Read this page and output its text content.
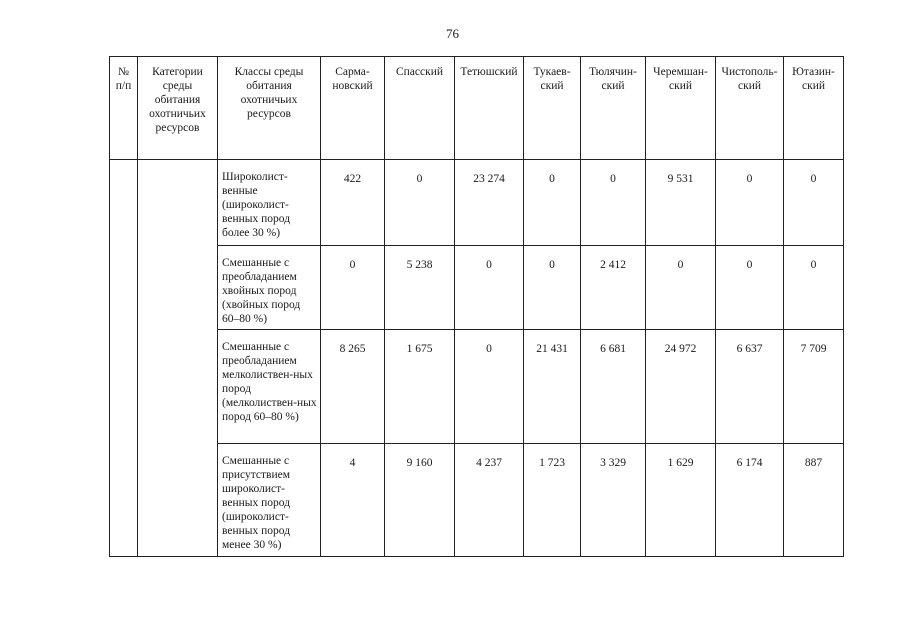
76
№ п/п	Категории среды обитания охотничьих ресурсов	Классы среды обитания охотничьих ресурсов	Сарма-новский	Спасский	Тетюшский	Тукаев-ский	Тюлячин-ский	Черемшан-ский	Чистополь-ский	Ютазин-ский
		Широколист-венные (широколист-венных пород более 30 %)	422	0	23 274	0	0	9 531	0	0
		Смешанные с преобладанием хвойных пород (хвойных пород 60–80 %)	0	5 238	0	0	2 412	0	0	0
		Смешанные с преобладанием мелколиствен-ных пород (мелколиствен-ных пород 60–80 %)	8 265	1 675	0	21 431	6 681	24 972	6 637	7 709
		Смешанные с присутствием широколист-венных пород (широколист-венных пород менее 30 %)	4	9 160	4 237	1 723	3 329	1 629	6 174	887
